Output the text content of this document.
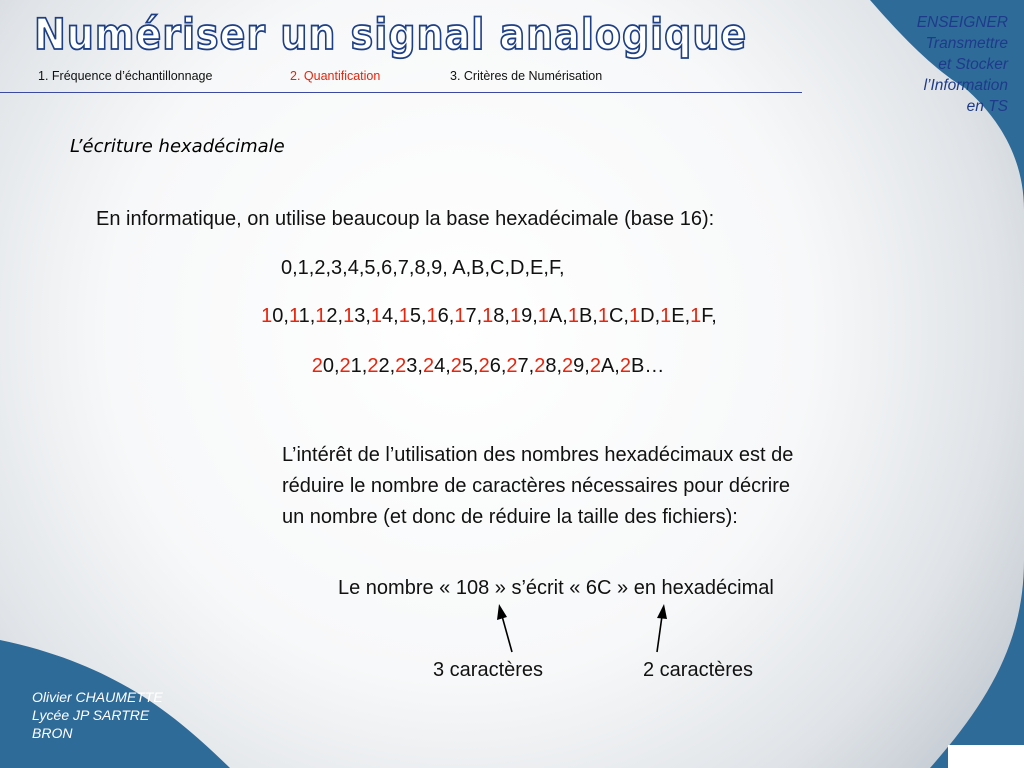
Numériser un signal analogique
1. Fréquence d’échantillonnage	2. Quantification	3. Critères de Numérisation
ENSEIGNER
Transmettre
et Stocker
l’Information
en TS
L’écriture hexadécimale
En informatique, on utilise beaucoup la base hexadécimale (base 16):
0,1,2,3,4,5,6,7,8,9, A,B,C,D,E,F,
10,11,12,13,14,15,16,17,18,19,1A,1B,1C,1D,1E,1F,
20,21,22,23,24,25,26,27,28,29,2A,2B…
L’intérêt de l’utilisation des nombres hexadécimaux est de
réduire le nombre de caractères nécessaires pour décrire
un nombre (et donc de réduire la taille des fichiers):
Le nombre « 108 » s’écrit « 6C » en hexadécimal
3 caractères	2 caractères
Olivier CHAUMETTE
Lycée JP SARTRE
BRON
